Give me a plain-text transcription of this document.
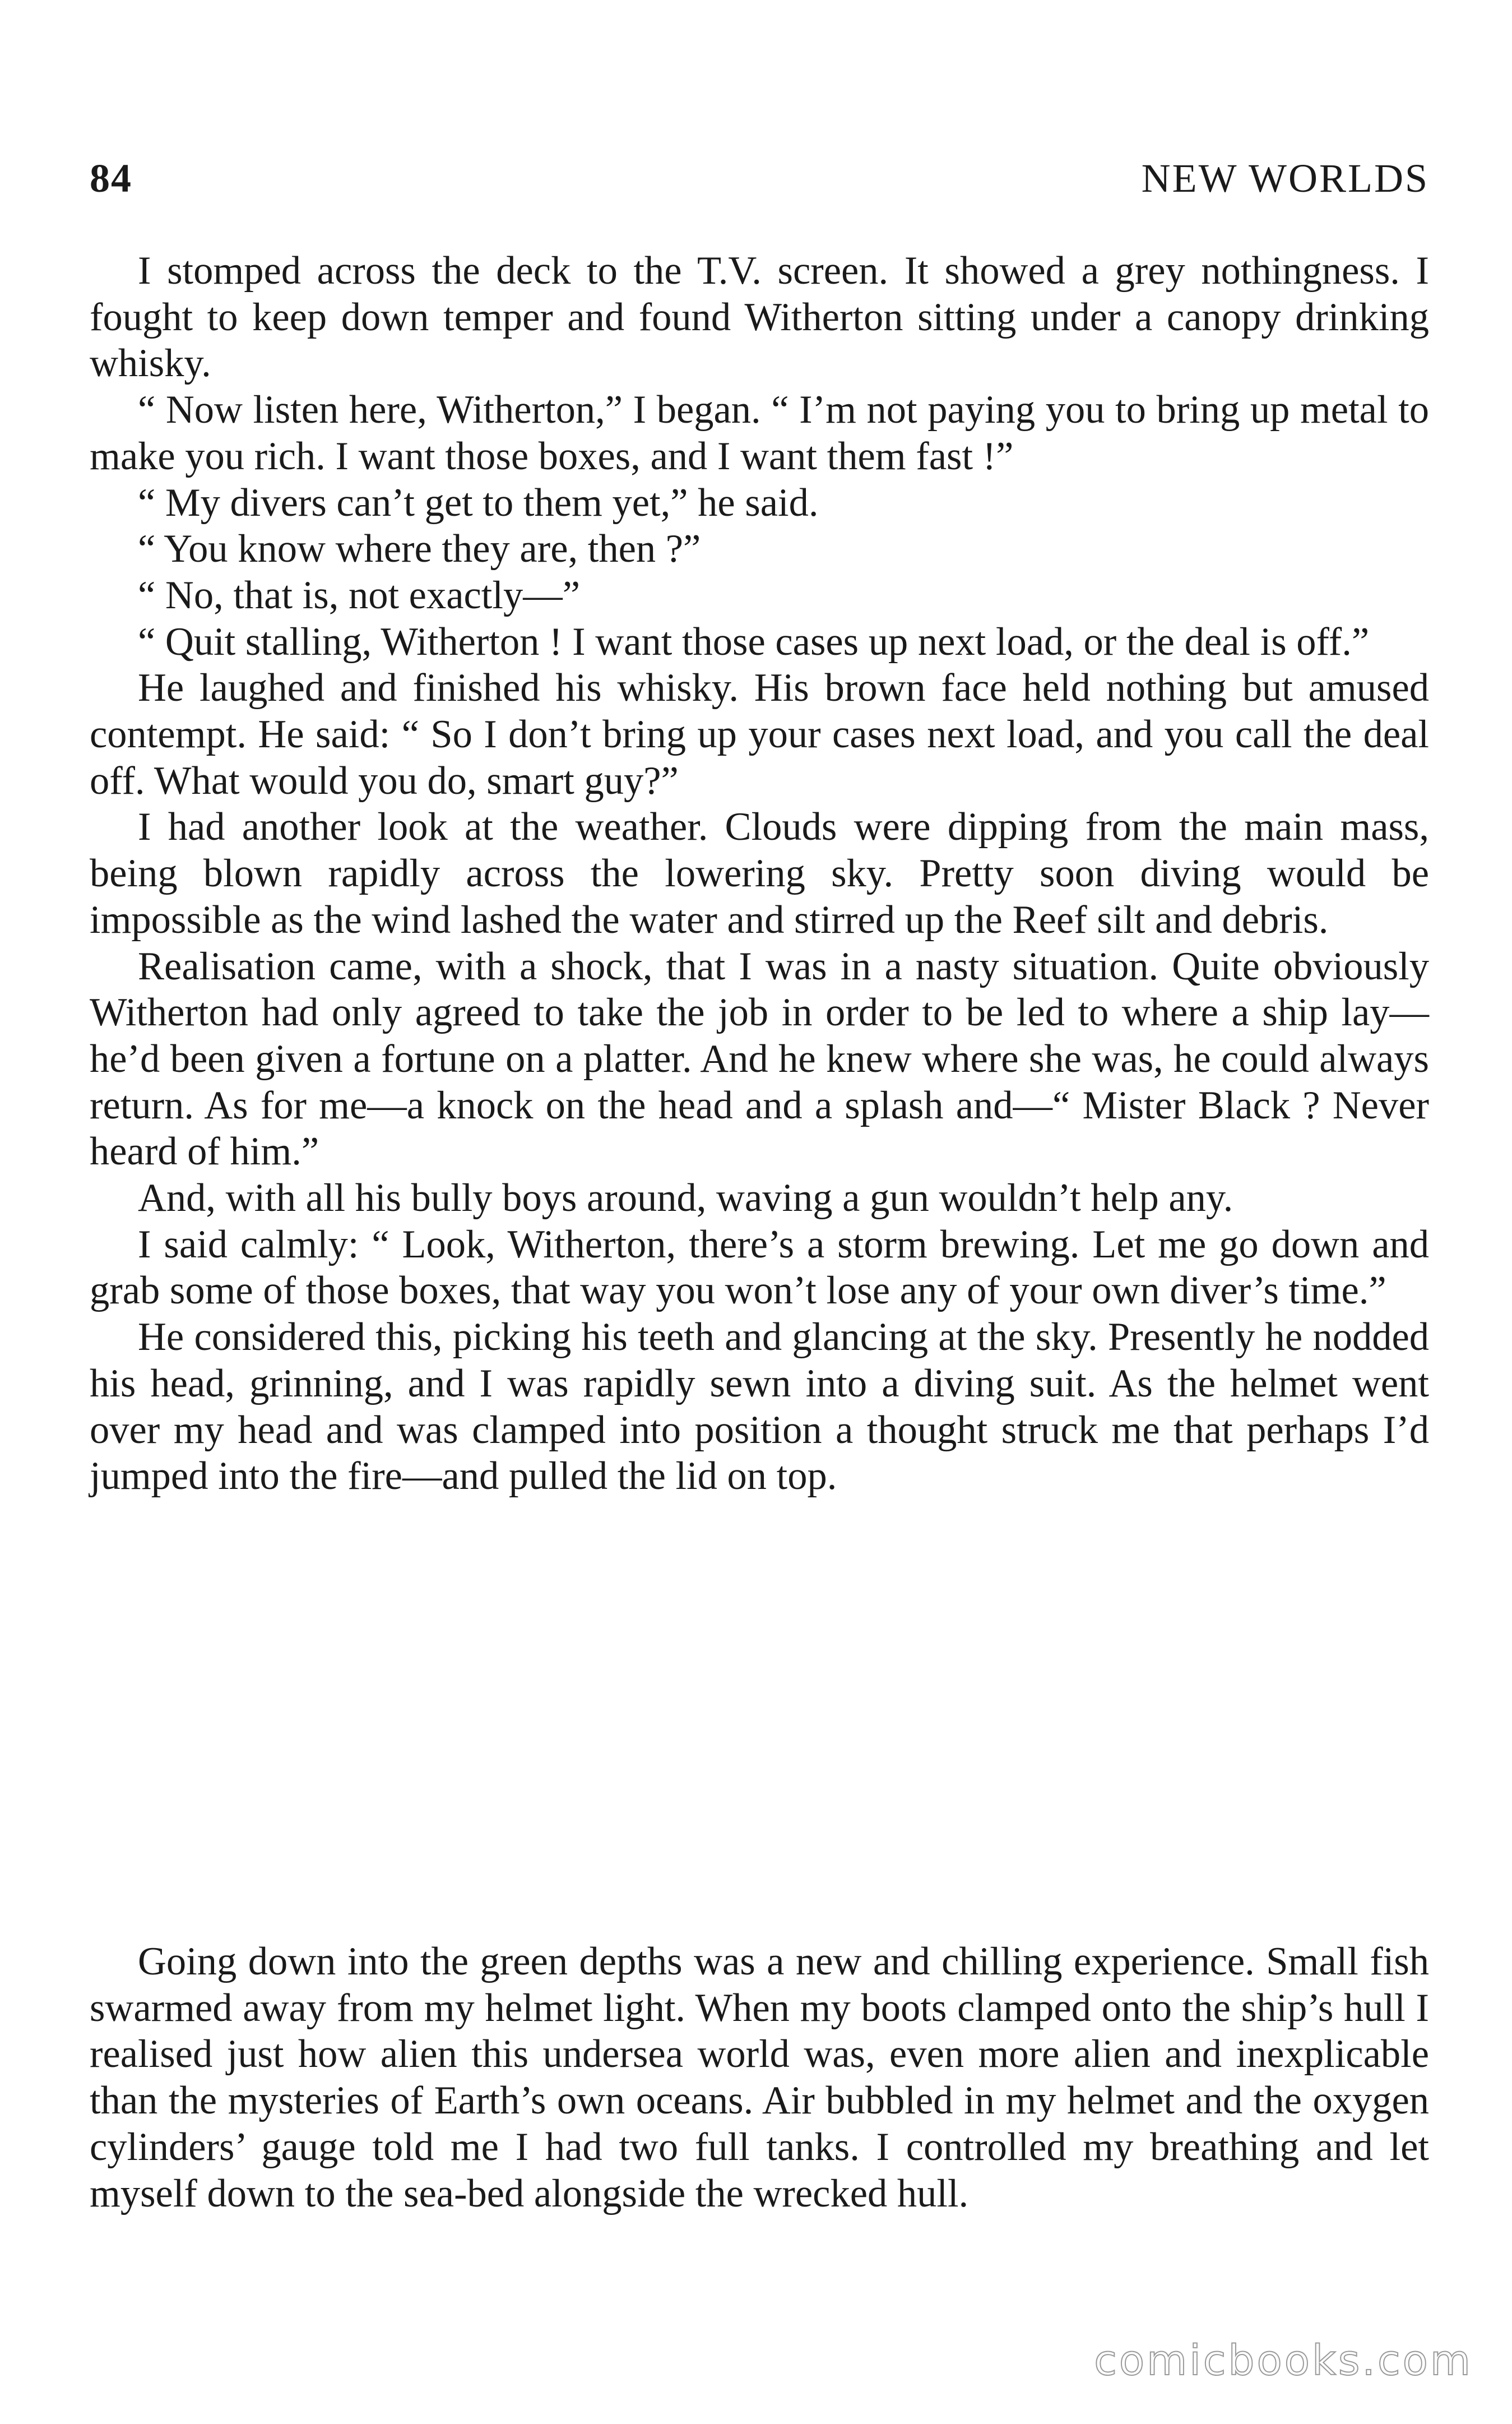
84	NEW WORLDS

I stomped across the deck to the T.V. screen. It showed a grey nothingness. I fought to keep down temper and found Witherton sitting under a canopy drinking whisky.

“ Now listen here, Witherton,” I began. “ I’m not paying you to bring up metal to make you rich. I want those boxes, and I want them fast !”

“ My divers can’t get to them yet,” he said.

“ You know where they are, then ?”

“ No, that is, not exactly—”

“ Quit stalling, Witherton ! I want those cases up next load, or the deal is off.”

He laughed and finished his whisky. His brown face held nothing but amused contempt. He said: “ So I don’t bring up your cases next load, and you call the deal off. What would you do, smart guy?”

I had another look at the weather. Clouds were dipping from the main mass, being blown rapidly across the lowering sky. Pretty soon diving would be impossible as the wind lashed the water and stirred up the Reef silt and debris.

Realisation came, with a shock, that I was in a nasty situation. Quite obviously Witherton had only agreed to take the job in order to be led to where a ship lay—he’d been given a fortune on a platter. And he knew where she was, he could always return. As for me—a knock on the head and a splash and—“ Mister Black ? Never heard of him.”

And, with all his bully boys around, waving a gun wouldn’t help any.

I said calmly: “ Look, Witherton, there’s a storm brewing. Let me go down and grab some of those boxes, that way you won’t lose any of your own diver’s time.”

He considered this, picking his teeth and glancing at the sky. Presently he nodded his head, grinning, and I was rapidly sewn into a diving suit. As the helmet went over my head and was clamped into position a thought struck me that perhaps I’d jumped into the fire—and pulled the lid on top.

Going down into the green depths was a new and chilling experience. Small fish swarmed away from my helmet light. When my boots clamped onto the ship’s hull I realised just how alien this undersea world was, even more alien and inexplicable than the mysteries of Earth’s own oceans. Air bubbled in my helmet and the oxygen cylinders’ gauge told me I had two full tanks. I controlled my breathing and let myself down to the sea-bed alongside the wrecked hull.

comicbooks.com
